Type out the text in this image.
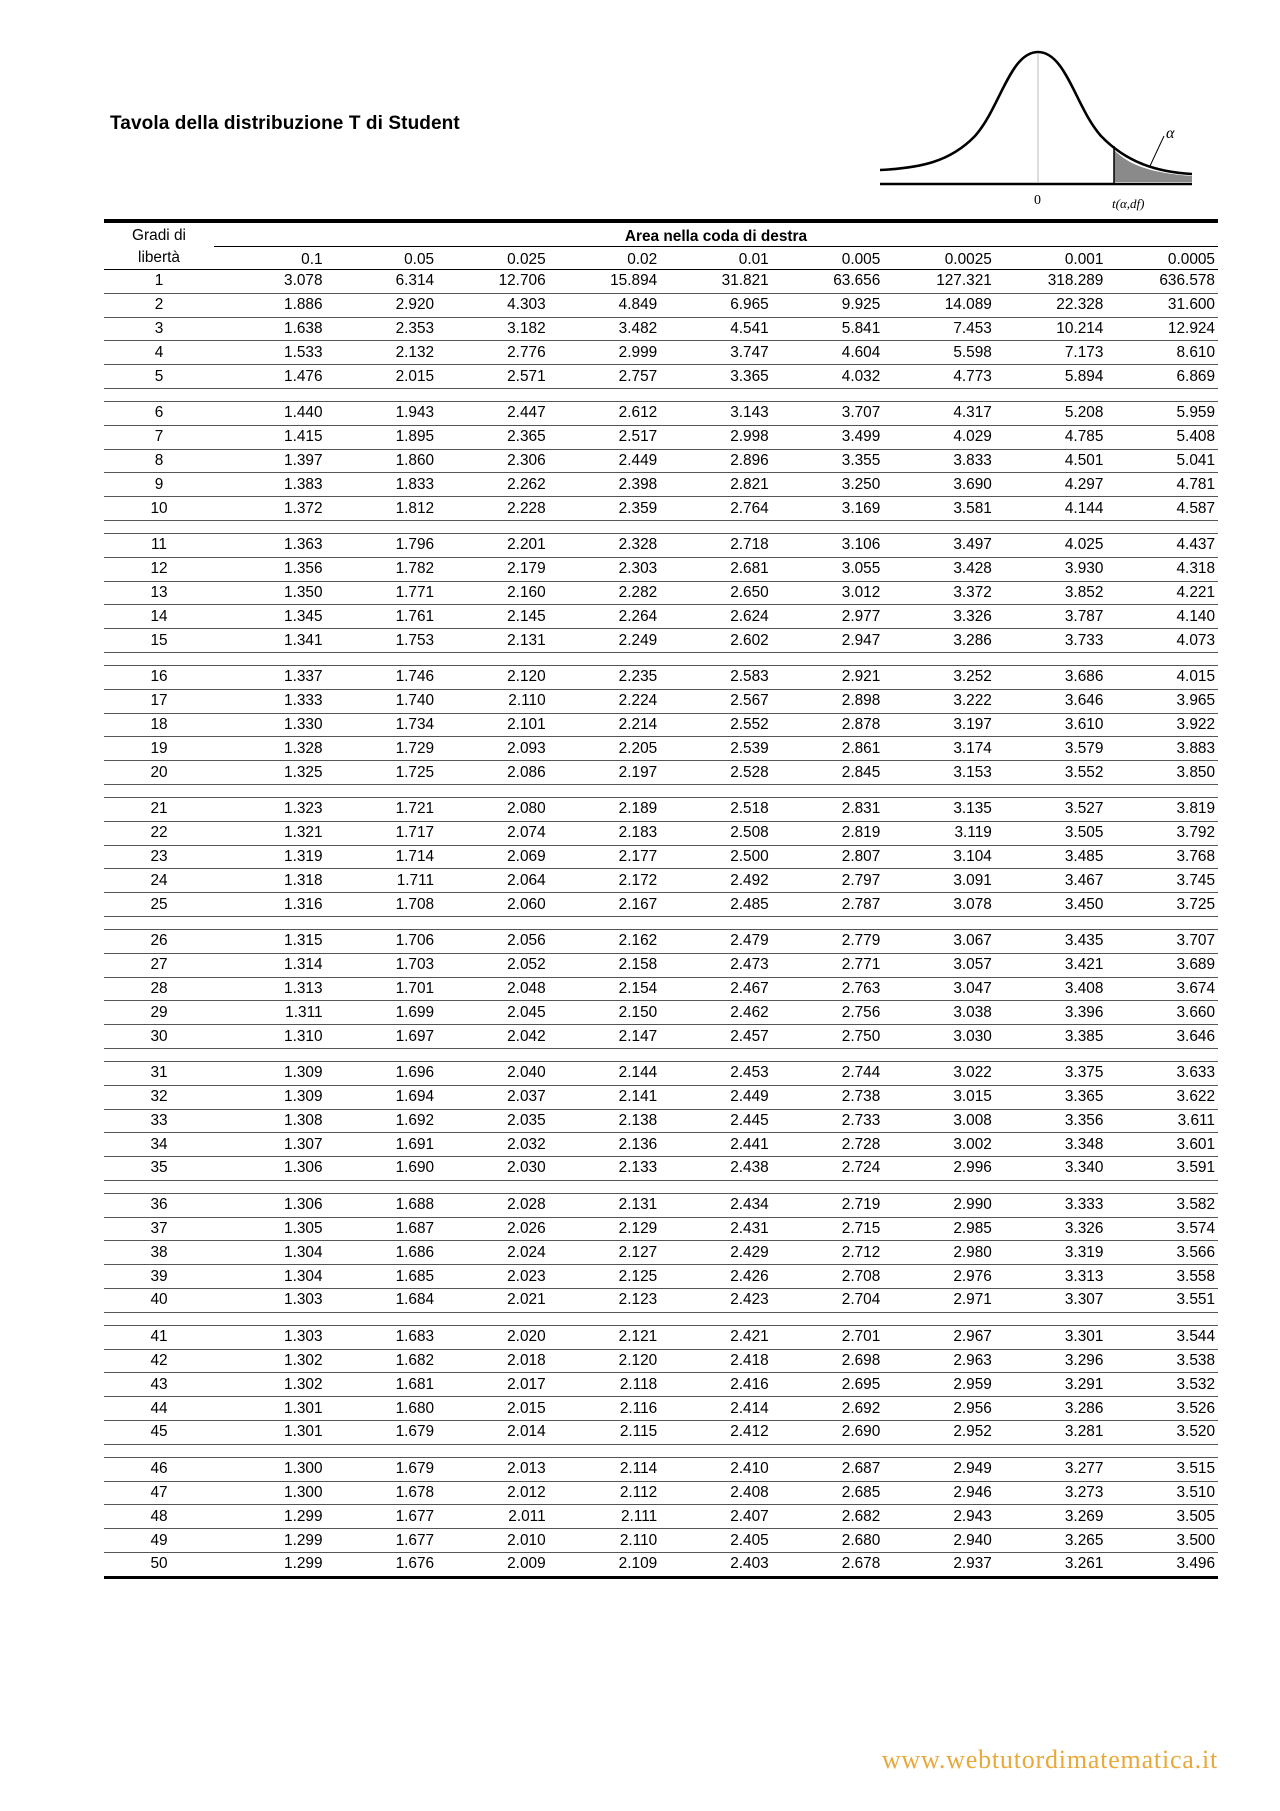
Tavola della distribuzione T di Student	α
0	t(α,df)
Gradi di	Area nella coda di destra								
libertà	0.1	0.05	0.025	0.02	0.01	0.005	0.0025	0.001	0.0005
1	3.078	6.314	12.706	15.894	31.821	63.656	127.321	318.289	636.578
2	1.886	2.920	4.303	4.849	6.965	9.925	14.089	22.328	31.600
3	1.638	2.353	3.182	3.482	4.541	5.841	7.453	10.214	12.924
4	1.533	2.132	2.776	2.999	3.747	4.604	5.598	7.173	8.610
5	1.476	2.015	2.571	2.757	3.365	4.032	4.773	5.894	6.869

6	1.440	1.943	2.447	2.612	3.143	3.707	4.317	5.208	5.959
7	1.415	1.895	2.365	2.517	2.998	3.499	4.029	4.785	5.408
8	1.397	1.860	2.306	2.449	2.896	3.355	3.833	4.501	5.041
9	1.383	1.833	2.262	2.398	2.821	3.250	3.690	4.297	4.781
10	1.372	1.812	2.228	2.359	2.764	3.169	3.581	4.144	4.587

11	1.363	1.796	2.201	2.328	2.718	3.106	3.497	4.025	4.437
12	1.356	1.782	2.179	2.303	2.681	3.055	3.428	3.930	4.318
13	1.350	1.771	2.160	2.282	2.650	3.012	3.372	3.852	4.221
14	1.345	1.761	2.145	2.264	2.624	2.977	3.326	3.787	4.140
15	1.341	1.753	2.131	2.249	2.602	2.947	3.286	3.733	4.073

16	1.337	1.746	2.120	2.235	2.583	2.921	3.252	3.686	4.015
17	1.333	1.740	2.110	2.224	2.567	2.898	3.222	3.646	3.965
18	1.330	1.734	2.101	2.214	2.552	2.878	3.197	3.610	3.922
19	1.328	1.729	2.093	2.205	2.539	2.861	3.174	3.579	3.883
20	1.325	1.725	2.086	2.197	2.528	2.845	3.153	3.552	3.850

21	1.323	1.721	2.080	2.189	2.518	2.831	3.135	3.527	3.819
22	1.321	1.717	2.074	2.183	2.508	2.819	3.119	3.505	3.792
23	1.319	1.714	2.069	2.177	2.500	2.807	3.104	3.485	3.768
24	1.318	1.711	2.064	2.172	2.492	2.797	3.091	3.467	3.745
25	1.316	1.708	2.060	2.167	2.485	2.787	3.078	3.450	3.725

26	1.315	1.706	2.056	2.162	2.479	2.779	3.067	3.435	3.707
27	1.314	1.703	2.052	2.158	2.473	2.771	3.057	3.421	3.689
28	1.313	1.701	2.048	2.154	2.467	2.763	3.047	3.408	3.674
29	1.311	1.699	2.045	2.150	2.462	2.756	3.038	3.396	3.660
30	1.310	1.697	2.042	2.147	2.457	2.750	3.030	3.385	3.646

31	1.309	1.696	2.040	2.144	2.453	2.744	3.022	3.375	3.633
32	1.309	1.694	2.037	2.141	2.449	2.738	3.015	3.365	3.622
33	1.308	1.692	2.035	2.138	2.445	2.733	3.008	3.356	3.611
34	1.307	1.691	2.032	2.136	2.441	2.728	3.002	3.348	3.601
35	1.306	1.690	2.030	2.133	2.438	2.724	2.996	3.340	3.591

36	1.306	1.688	2.028	2.131	2.434	2.719	2.990	3.333	3.582
37	1.305	1.687	2.026	2.129	2.431	2.715	2.985	3.326	3.574
38	1.304	1.686	2.024	2.127	2.429	2.712	2.980	3.319	3.566
39	1.304	1.685	2.023	2.125	2.426	2.708	2.976	3.313	3.558
40	1.303	1.684	2.021	2.123	2.423	2.704	2.971	3.307	3.551

41	1.303	1.683	2.020	2.121	2.421	2.701	2.967	3.301	3.544
42	1.302	1.682	2.018	2.120	2.418	2.698	2.963	3.296	3.538
43	1.302	1.681	2.017	2.118	2.416	2.695	2.959	3.291	3.532
44	1.301	1.680	2.015	2.116	2.414	2.692	2.956	3.286	3.526
45	1.301	1.679	2.014	2.115	2.412	2.690	2.952	3.281	3.520

46	1.300	1.679	2.013	2.114	2.410	2.687	2.949	3.277	3.515
47	1.300	1.678	2.012	2.112	2.408	2.685	2.946	3.273	3.510
48	1.299	1.677	2.011	2.111	2.407	2.682	2.943	3.269	3.505
49	1.299	1.677	2.010	2.110	2.405	2.680	2.940	3.265	3.500
50	1.299	1.676	2.009	2.109	2.403	2.678	2.937	3.261	3.496
www.webtutordimatematica.it
